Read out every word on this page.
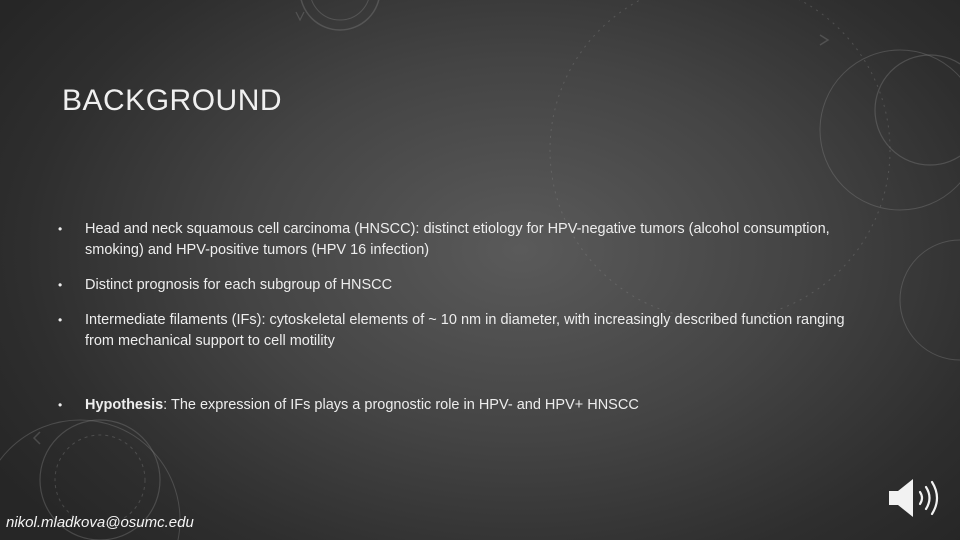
BACKGROUND
• Head and neck squamous cell carcinoma (HNSCC): distinct etiology for HPV-negative tumors (alcohol consumption, smoking) and HPV-positive tumors (HPV 16 infection)
• Distinct prognosis for each subgroup of HNSCC
• Intermediate filaments (IFs): cytoskeletal elements of ~ 10 nm in diameter, with increasingly described function ranging from mechanical support to cell motility
• Hypothesis: The expression of IFs plays a prognostic role in HPV- and HPV+ HNSCC
nikol.mladkova@osumc.edu
